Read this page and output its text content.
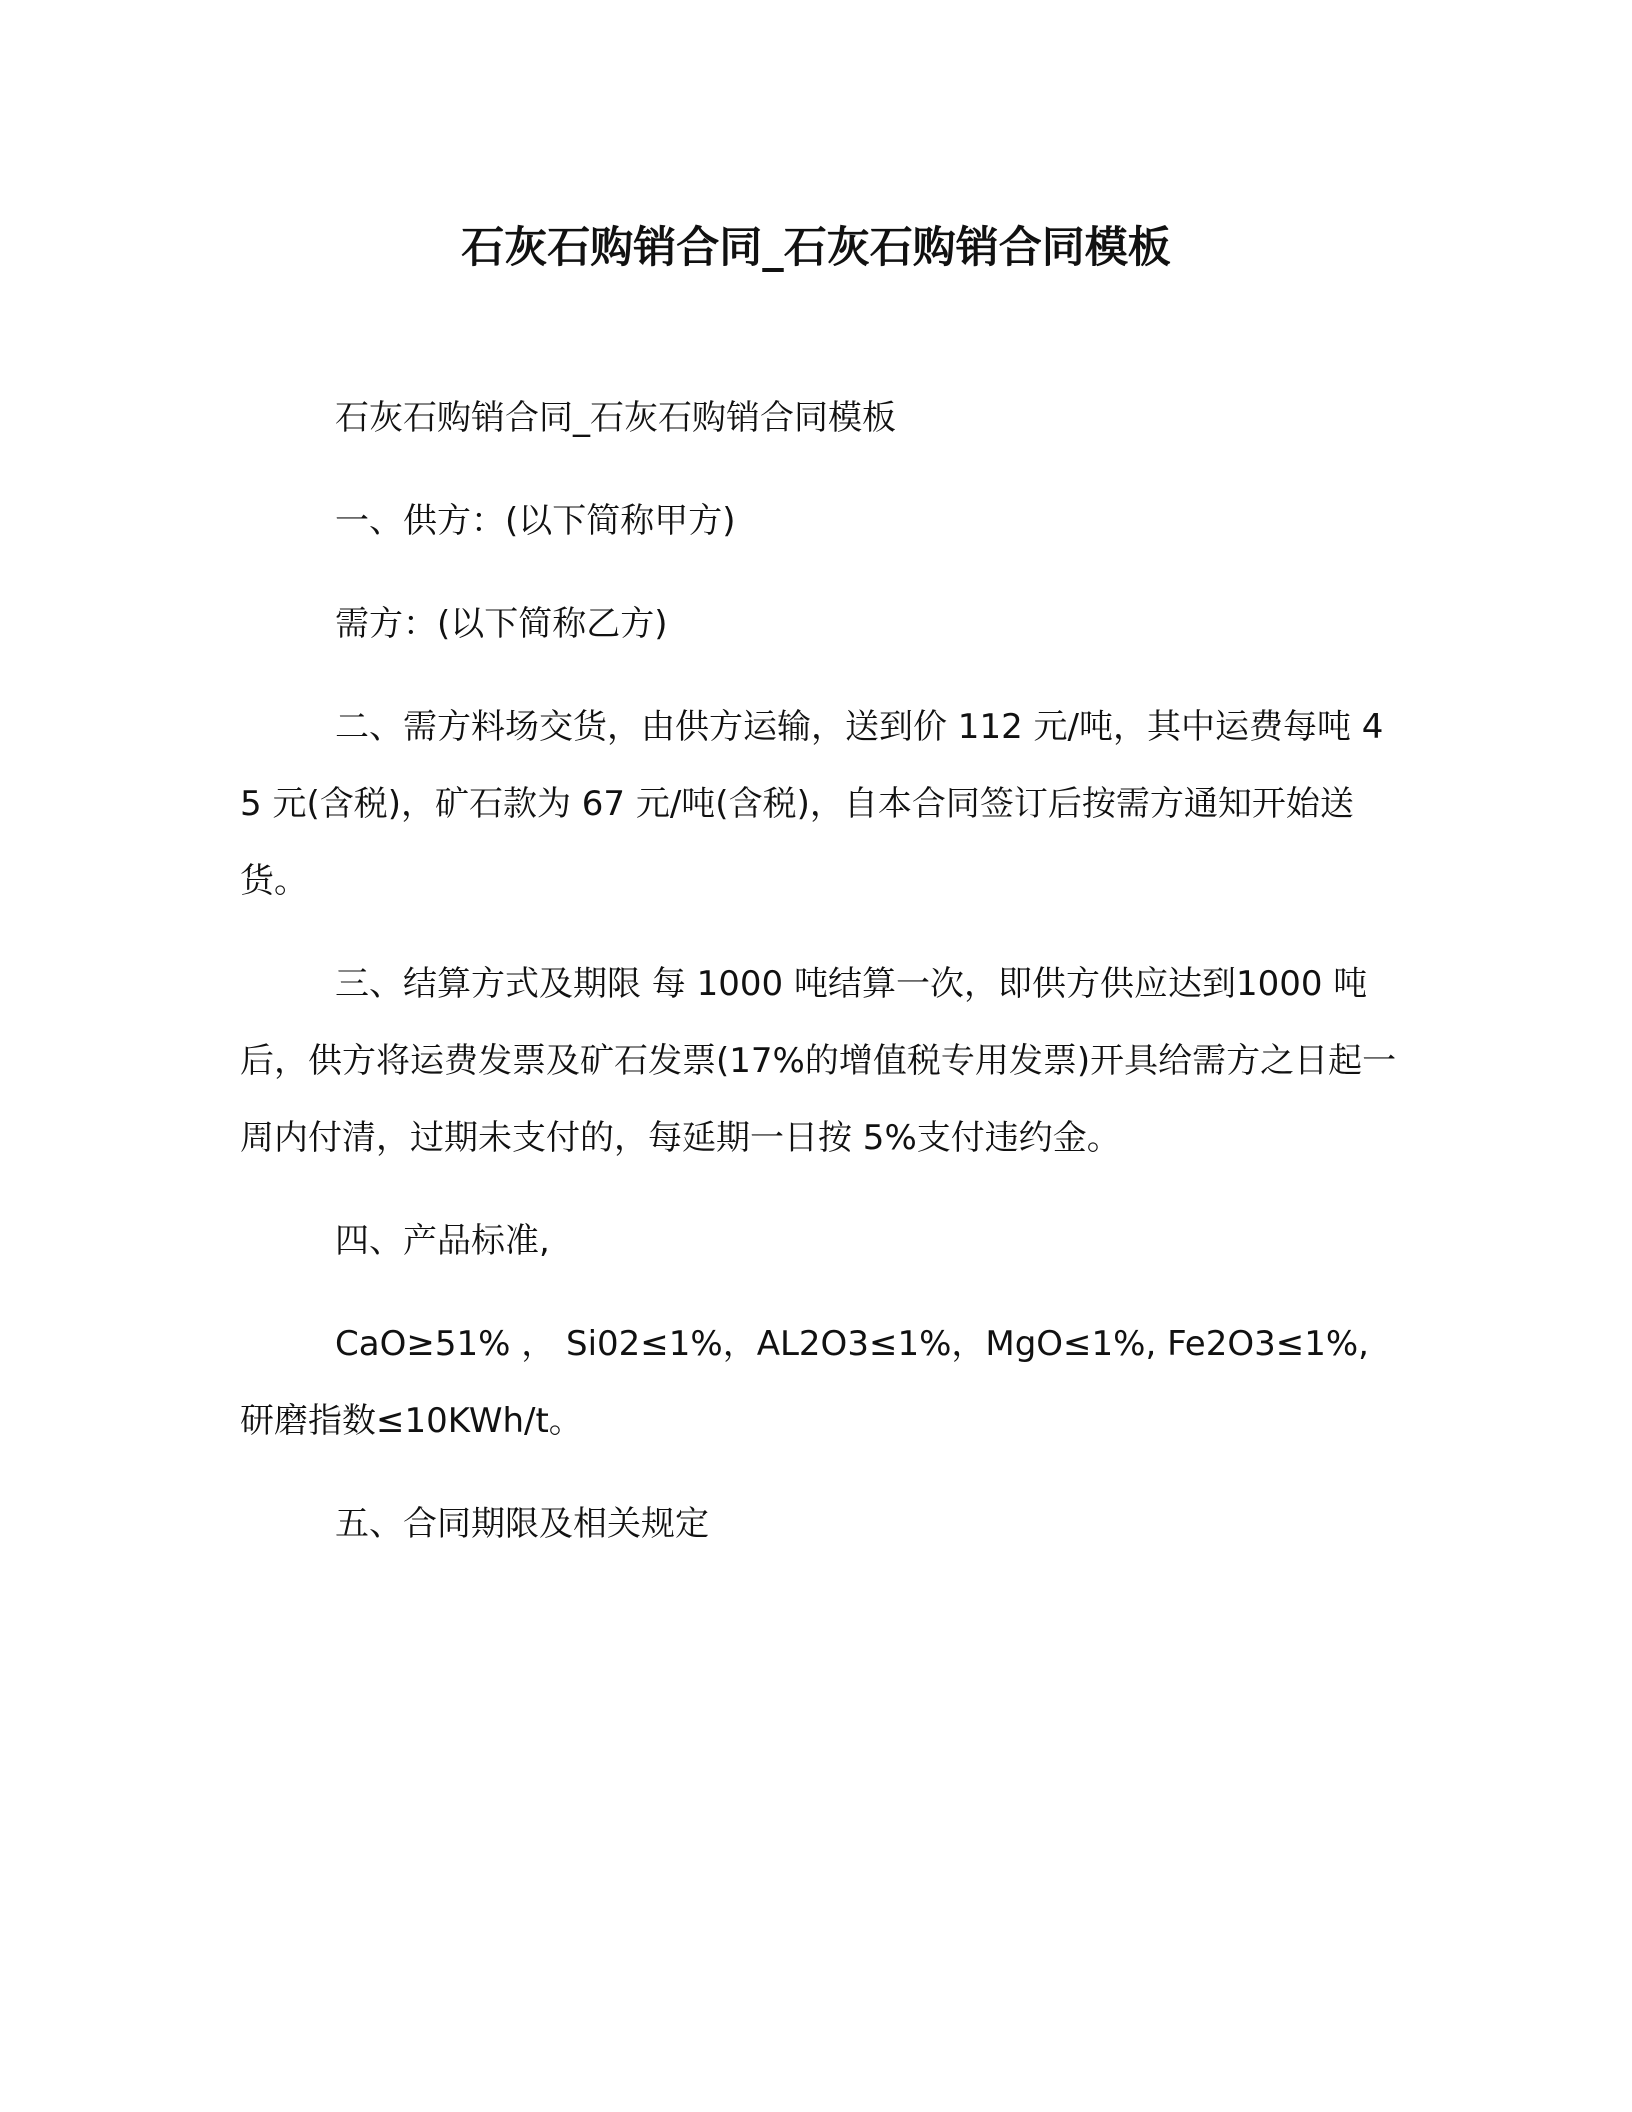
石灰石购销合同_石灰石购销合同模板

石灰石购销合同_石灰石购销合同模板

一、供方：(以下简称甲方)

需方：(以下简称乙方)

二、需方料场交货，由供方运输，送到价 112 元/吨，其中运费每吨 45 元(含税)，矿石款为 67 元/吨(含税)，自本合同签订后按需方通知开始送货。

三、结算方式及期限 每 1000 吨结算一次，即供方供应达到1000 吨后，供方将运费发票及矿石发票(17%的增值税专用发票)开具给需方之日起一周内付清，过期未支付的，每延期一日按 5%支付违约金。

四、产品标准,

CaO≥51% ， Si02≤1%，AL2O3≤1%，MgO≤1%, Fe2O3≤1%, 研磨指数≤10KWh/t。

五、合同期限及相关规定
